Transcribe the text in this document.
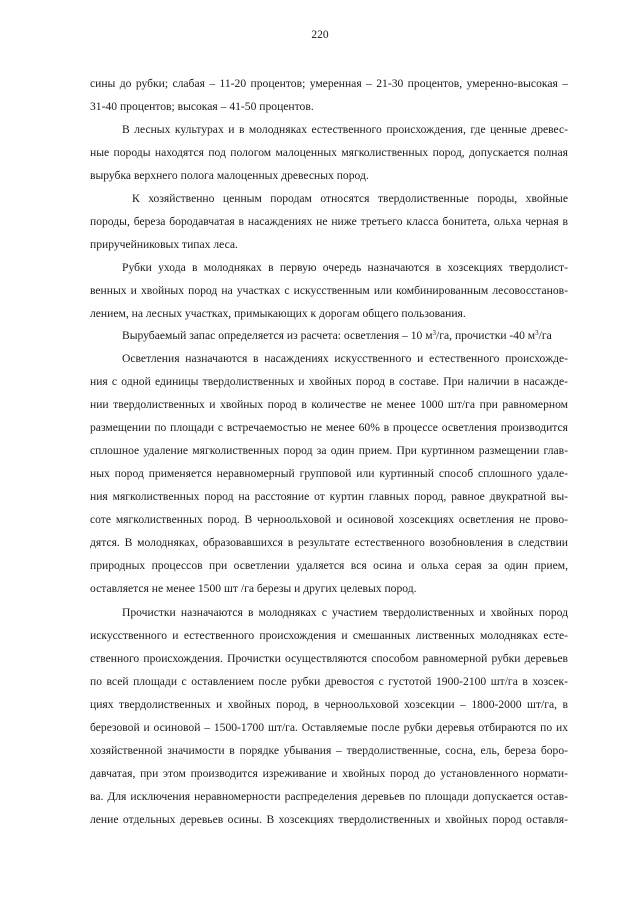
220
сины до рубки; слабая – 11-20 процентов; умеренная – 21-30 процентов, умеренно-высокая –
31-40 процентов; высокая – 41-50 процентов.
В лесных культурах и в молодняках естественного происхождения, где ценные древес-
ные породы находятся под пологом малоценных мягколиственных пород, допускается полная
вырубка верхнего полога малоценных древесных пород.
К хозяйственно ценным породам относятся твердолиственные породы, хвойные
породы, береза бородавчатая в насаждениях не ниже третьего класса бонитета, ольха черная в
приручейниковых типах леса.
Рубки ухода в молодняках в первую очередь назначаются в хозсекциях твердолист-
венных и хвойных пород на участках с искусственным или комбинированным лесовосстанов-
лением, на лесных участках, примыкающих к дорогам общего пользования.
Вырубаемый запас определяется из расчета: осветления – 10 $м^3/га$, прочистки -40 $м^3/га$
Осветления назначаются в насаждениях искусственного и естественного происхожде-
ния с одной единицы твердолиственных и хвойных пород в составе. При наличии в насажде-
нии твердолиственных и хвойных пород в количестве не менее 1000 шт/га при равномерном
размещении по площади с встречаемостью не менее 60% в процессе осветления производится
сплошное удаление мягколиственных пород за один прием. При куртинном размещении глав-
ных пород применяется неравномерный групповой или куртинный способ сплошного удале-
ния мягколиственных пород на расстояние от куртин главных пород, равное двукратной вы-
соте мягколиственных пород. В черноольховой и осиновой хозсекциях осветления не прово-
дятся. В молодняках, образовавшихся в результате естественного возобновления в следствии
природных процессов при осветлении удаляется вся осина и ольха серая за один прием,
оставляется не менее 1500 шт /га березы и других целевых пород.
Прочистки назначаются в молодняках с участием твердолиственных и хвойных пород
искусственного и естественного происхождения и смешанных лиственных молодняках есте-
ственного происхождения. Прочистки осуществляются способом равномерной рубки деревьев
по всей площади с оставлением после рубки древостоя с густотой 1900-2100 шт/га в хозсек-
циях твердолиственных и хвойных пород, в черноольховой хозсекции – 1800-2000 шт/га, в
березовой и осиновой – 1500-1700 шт/га. Оставляемые после рубки деревья отбираются по их
хозяйственной значимости в порядке убывания – твердолиственные, сосна, ель, береза боро-
давчатая, при этом производится изреживание и хвойных пород до установленного нормати-
ва. Для исключения неравномерности распределения деревьев по площади допускается остав-
ление отдельных деревьев осины. В хозсекциях твердолиственных и хвойных пород оставля-
